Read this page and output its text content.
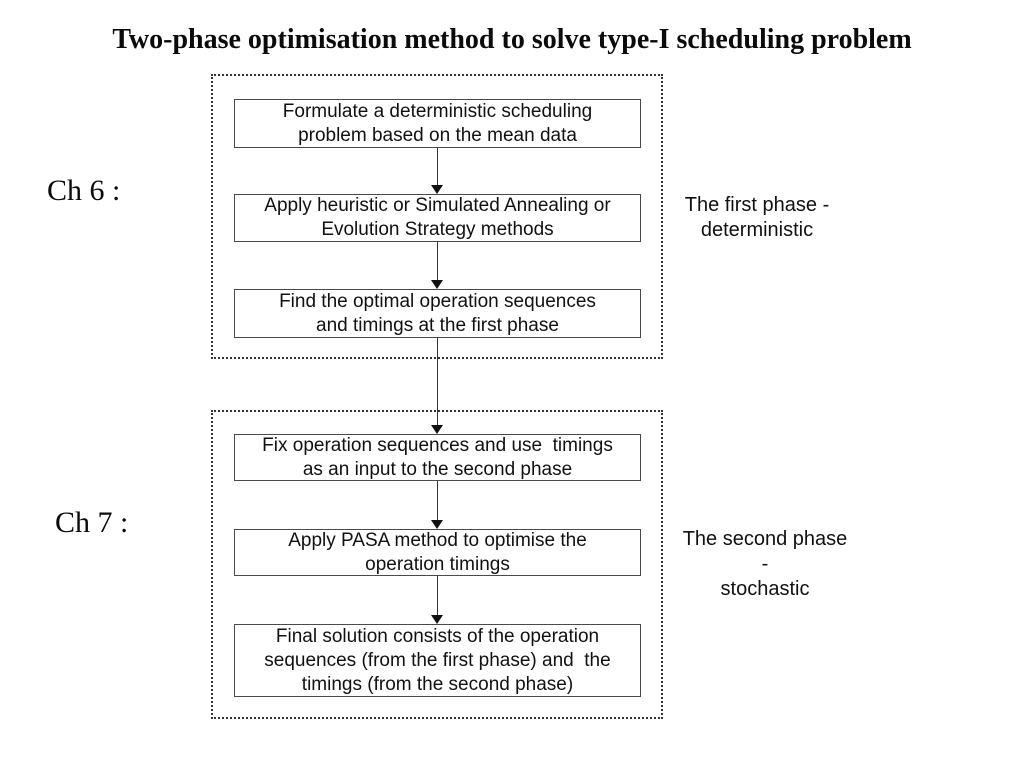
Two-phase optimisation method to solve type-I scheduling problem
Ch 6 :
Ch 7 :
Formulate a deterministic scheduling
problem based on the mean data
Apply heuristic or Simulated Annealing or
Evolution Strategy methods
Find the optimal operation sequences
and timings at the first phase
Fix operation sequences and use  timings
as an input to the second phase
Apply PASA method to optimise the
operation timings
Final solution consists of the operation
sequences (from the first phase) and  the
timings (from the second phase)
The first phase -
deterministic
The second phase -
stochastic
